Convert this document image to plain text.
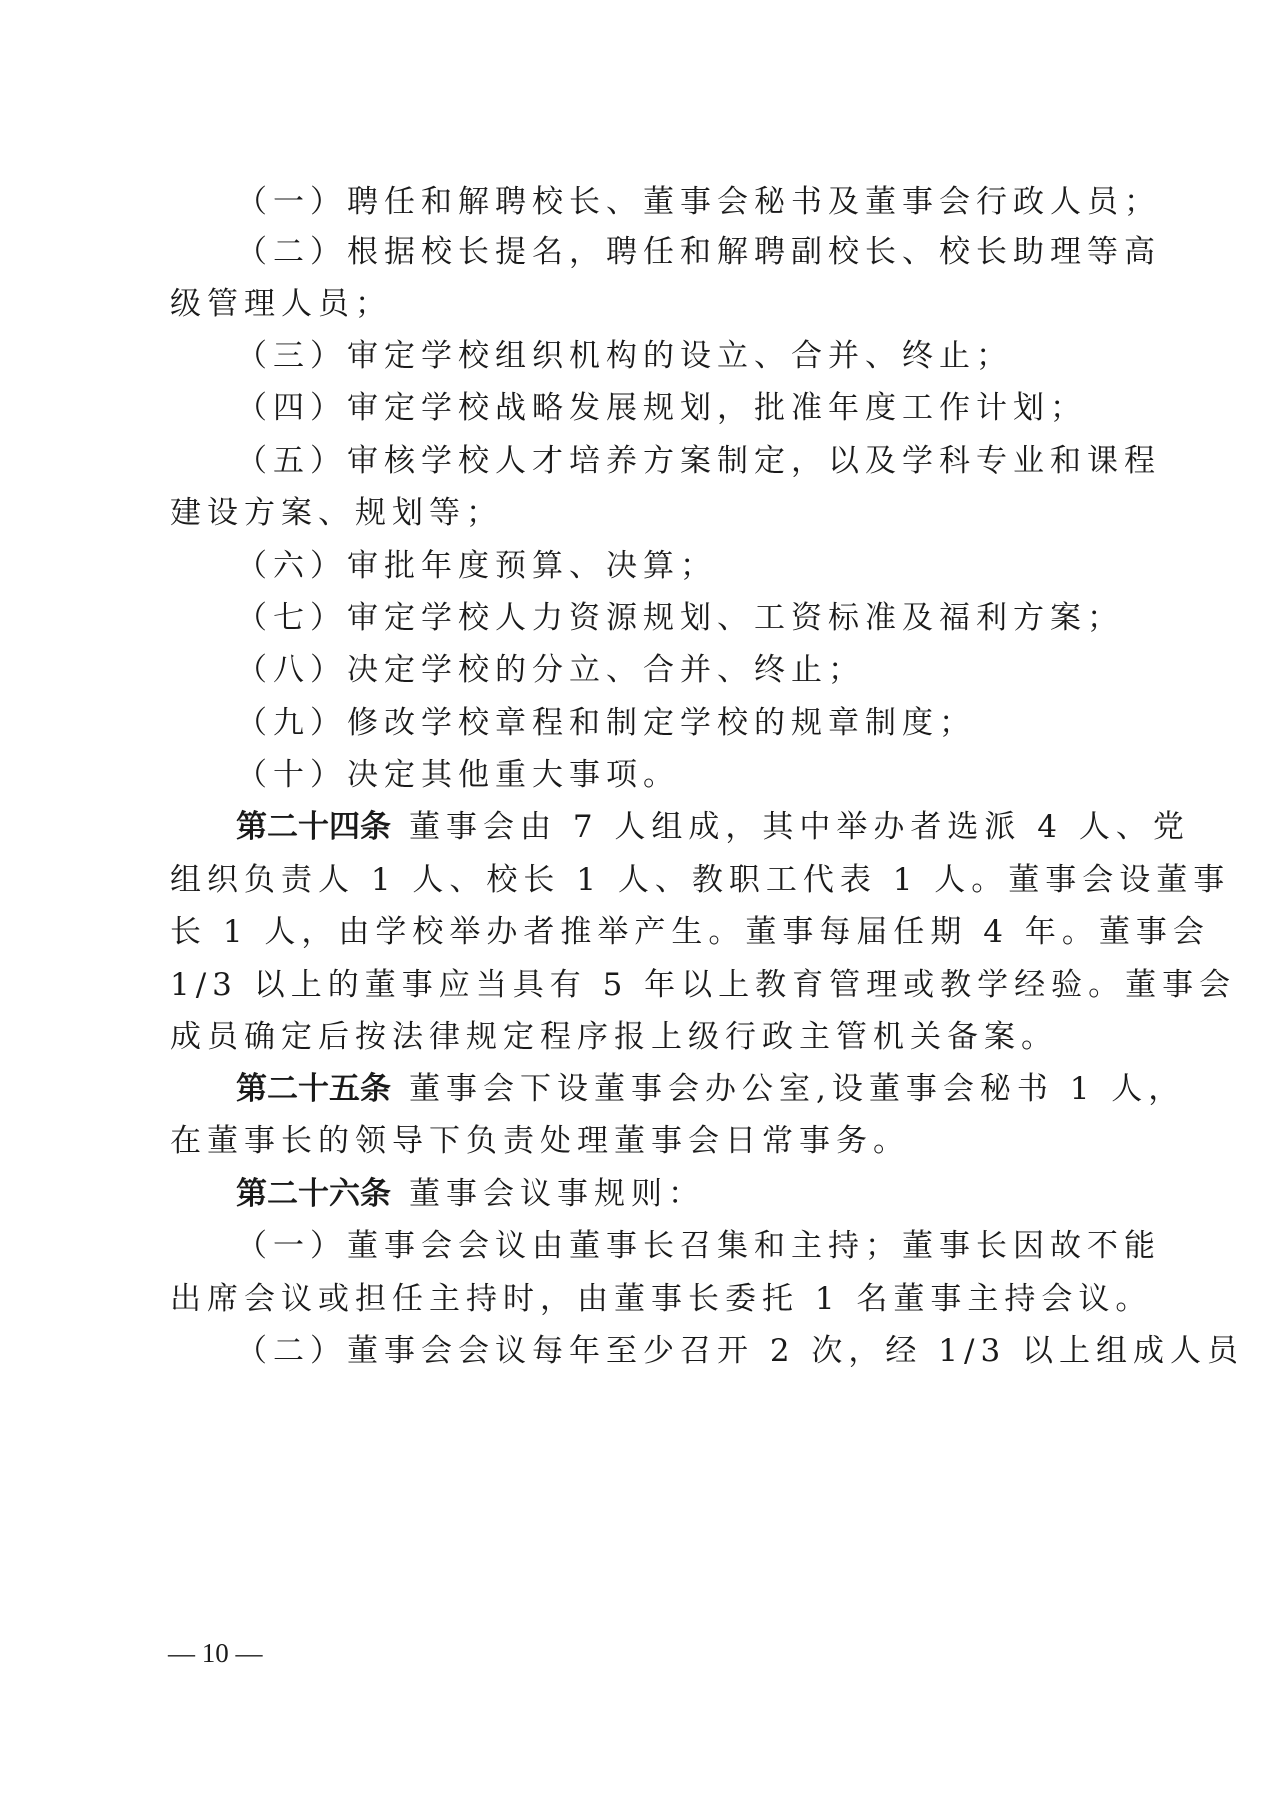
（一）聘任和解聘校长、董事会秘书及董事会行政人员；
（二）根据校长提名，聘任和解聘副校长、校长助理等高
级管理人员；
（三）审定学校组织机构的设立、合并、终止；
（四）审定学校战略发展规划，批准年度工作计划；
（五）审核学校人才培养方案制定，以及学科专业和课程
建设方案、规划等；
（六）审批年度预算、决算；
（七）审定学校人力资源规划、工资标准及福利方案；
（八）决定学校的分立、合并、终止；
（九）修改学校章程和制定学校的规章制度；
（十）决定其他重大事项。
第二十四条 董事会由 7 人组成，其中举办者选派 4 人、党
组织负责人 1 人、校长 1 人、教职工代表 1 人。董事会设董事
长 1 人，由学校举办者推举产生。董事每届任期 4 年。董事会
1/3 以上的董事应当具有 5 年以上教育管理或教学经验。董事会
成员确定后按法律规定程序报上级行政主管机关备案。
第二十五条 董事会下设董事会办公室,设董事会秘书 1 人，
在董事长的领导下负责处理董事会日常事务。
第二十六条 董事会议事规则：
（一）董事会会议由董事长召集和主持；董事长因故不能
出席会议或担任主持时，由董事长委托 1 名董事主持会议。
（二）董事会会议每年至少召开 2 次，经 1/3 以上组成人员
— 10 —
